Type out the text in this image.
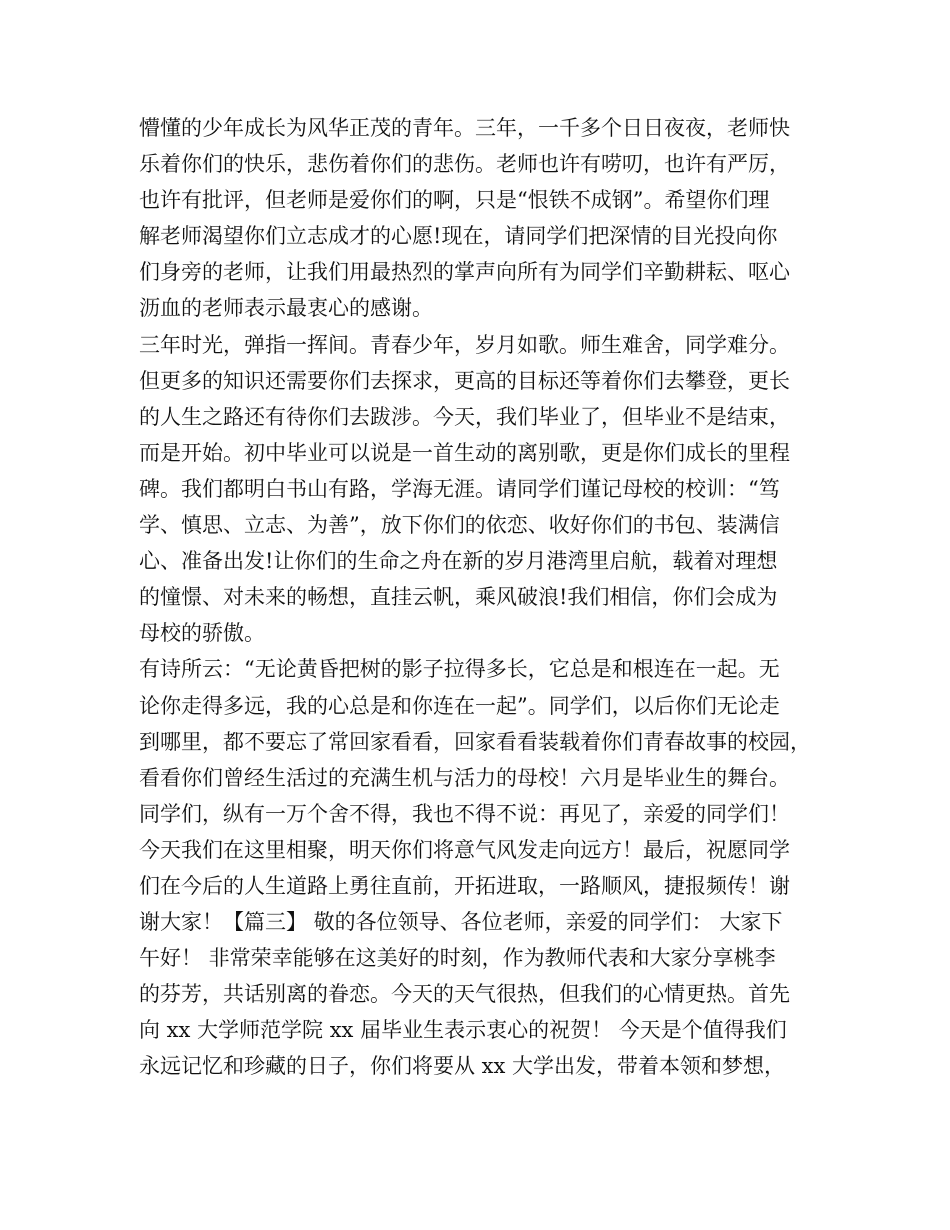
懵懂的少年成长为风华正茂的青年。三年，一千多个日日夜夜，老师快
乐着你们的快乐，悲伤着你们的悲伤。老师也许有唠叨，也许有严厉，
也许有批评，但老师是爱你们的啊，只是“恨铁不成钢”。希望你们理
解老师渴望你们立志成才的心愿!现在，请同学们把深情的目光投向你
们身旁的老师，让我们用最热烈的掌声向所有为同学们辛勤耕耘、呕心
沥血的老师表示最衷心的感谢。
三年时光，弹指一挥间。青春少年，岁月如歌。师生难舍，同学难分。
但更多的知识还需要你们去探求，更高的目标还等着你们去攀登，更长
的人生之路还有待你们去跋涉。今天，我们毕业了，但毕业不是结束，
而是开始。初中毕业可以说是一首生动的离别歌，更是你们成长的里程
碑。我们都明白书山有路，学海无涯。请同学们谨记母校的校训：“笃
学、慎思、立志、为善”，放下你们的依恋、收好你们的书包、装满信
心、准备出发!让你们的生命之舟在新的岁月港湾里启航，载着对理想
的憧憬、对未来的畅想，直挂云帆，乘风破浪!我们相信，你们会成为
母校的骄傲。
有诗所云：“无论黄昏把树的影子拉得多长，它总是和根连在一起。无
论你走得多远，我的心总是和你连在一起”。同学们，以后你们无论走
到哪里，都不要忘了常回家看看，回家看看装载着你们青春故事的校园，
看看你们曾经生活过的充满生机与活力的母校！六月是毕业生的舞台。
同学们，纵有一万个舍不得，我也不得不说：再见了，亲爱的同学们！
今天我们在这里相聚，明天你们将意气风发走向远方！最后，祝愿同学
们在今后的人生道路上勇往直前，开拓进取，一路顺风，捷报频传！谢
谢大家！【篇三】 敬的各位领导、各位老师，亲爱的同学们： 大家下
午好！ 非常荣幸能够在这美好的时刻，作为教师代表和大家分享桃李
的芬芳，共话别离的眷恋。今天的天气很热，但我们的心情更热。首先
向 xx 大学师范学院 xx 届毕业生表示衷心的祝贺！ 今天是个值得我们
永远记忆和珍藏的日子，你们将要从 xx 大学出发，带着本领和梦想，
